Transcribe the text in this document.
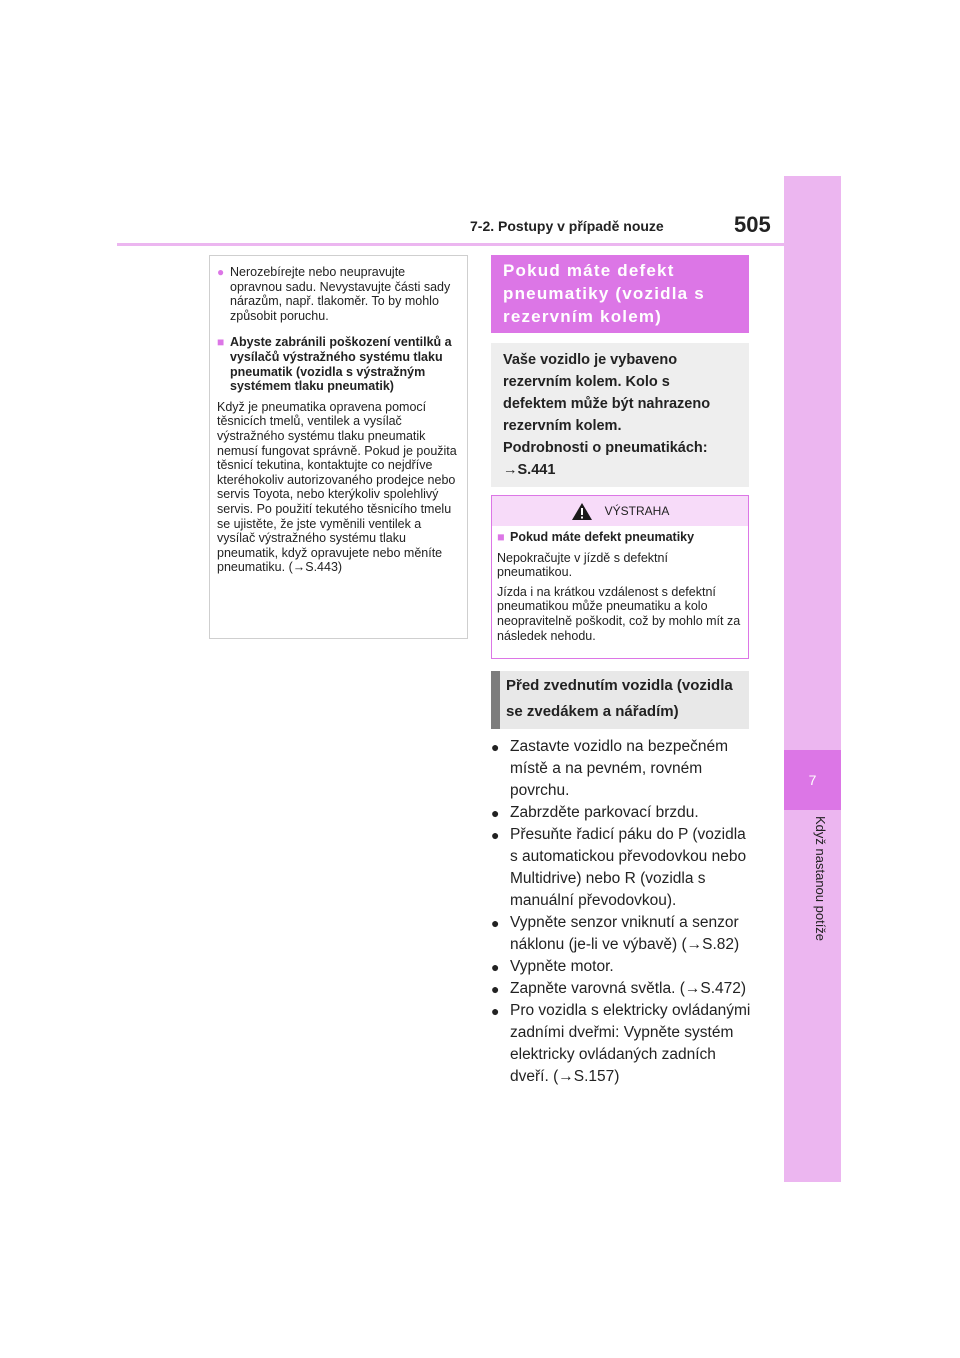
7
Když nastanou potíže
7-2. Postupy v případě nouze	505
● Nerozebírejte nebo neupravujte opravnou sadu. Nevystavujte části sady nárazům, např. tlakoměr. To by mohlo způsobit poruchu.

■ Abyste zabránili poškození ventilků a vysílačů výstražného systému tlaku pneumatik (vozidla s výstražným systémem tlaku pneumatik)

Když je pneumatika opravena pomocí těsnicích tmelů, ventilek a vysílač výstražného systému tlaku pneumatik nemusí fungovat správně. Pokud je použita těsnicí tekutina, kontaktujte co nejdříve kteréhokoliv autorizovaného prodejce nebo servis Toyota, nebo kterýkoliv spolehlivý servis. Po použití tekutého těsnicího tmelu se ujistěte, že jste vyměnili ventilek a vysílač výstražného systému tlaku pneumatik, když opravujete nebo měníte pneumatiku. (→S.443)

Pokud máte defekt pneumatiky (vozidla s rezervním kolem)
Vaše vozidlo je vybaveno rezervním kolem. Kolo s defektem může být nahrazeno rezervním kolem.
Podrobnosti o pneumatikách:
→S.441
VÝSTRAHA
■ Pokud máte defekt pneumatiky

Nepokračujte v jízdě s defektní pneumatikou.

Jízda i na krátkou vzdálenost s defektní pneumatikou může pneumatiku a kolo neopravitelně poškodit, což by mohlo mít za následek nehodu.

Před zvednutím vozidla (vozidla se zvedákem a nářadím)
● Zastavte vozidlo na bezpečném místě a na pevném, rovném povrchu.
● Zabrzděte parkovací brzdu.
● Přesuňte řadicí páku do P (vozidla s automatickou převodovkou nebo Multidrive) nebo R (vozidla s manuální převodovkou).
● Vypněte senzor vniknutí a senzor náklonu (je-li ve výbavě) (→S.82)
● Vypněte motor.
● Zapněte varovná světla. (→S.472)
● Pro vozidla s elektricky ovládanými zadními dveřmi: Vypněte systém elektricky ovládaných zadních dveří. (→S.157)
